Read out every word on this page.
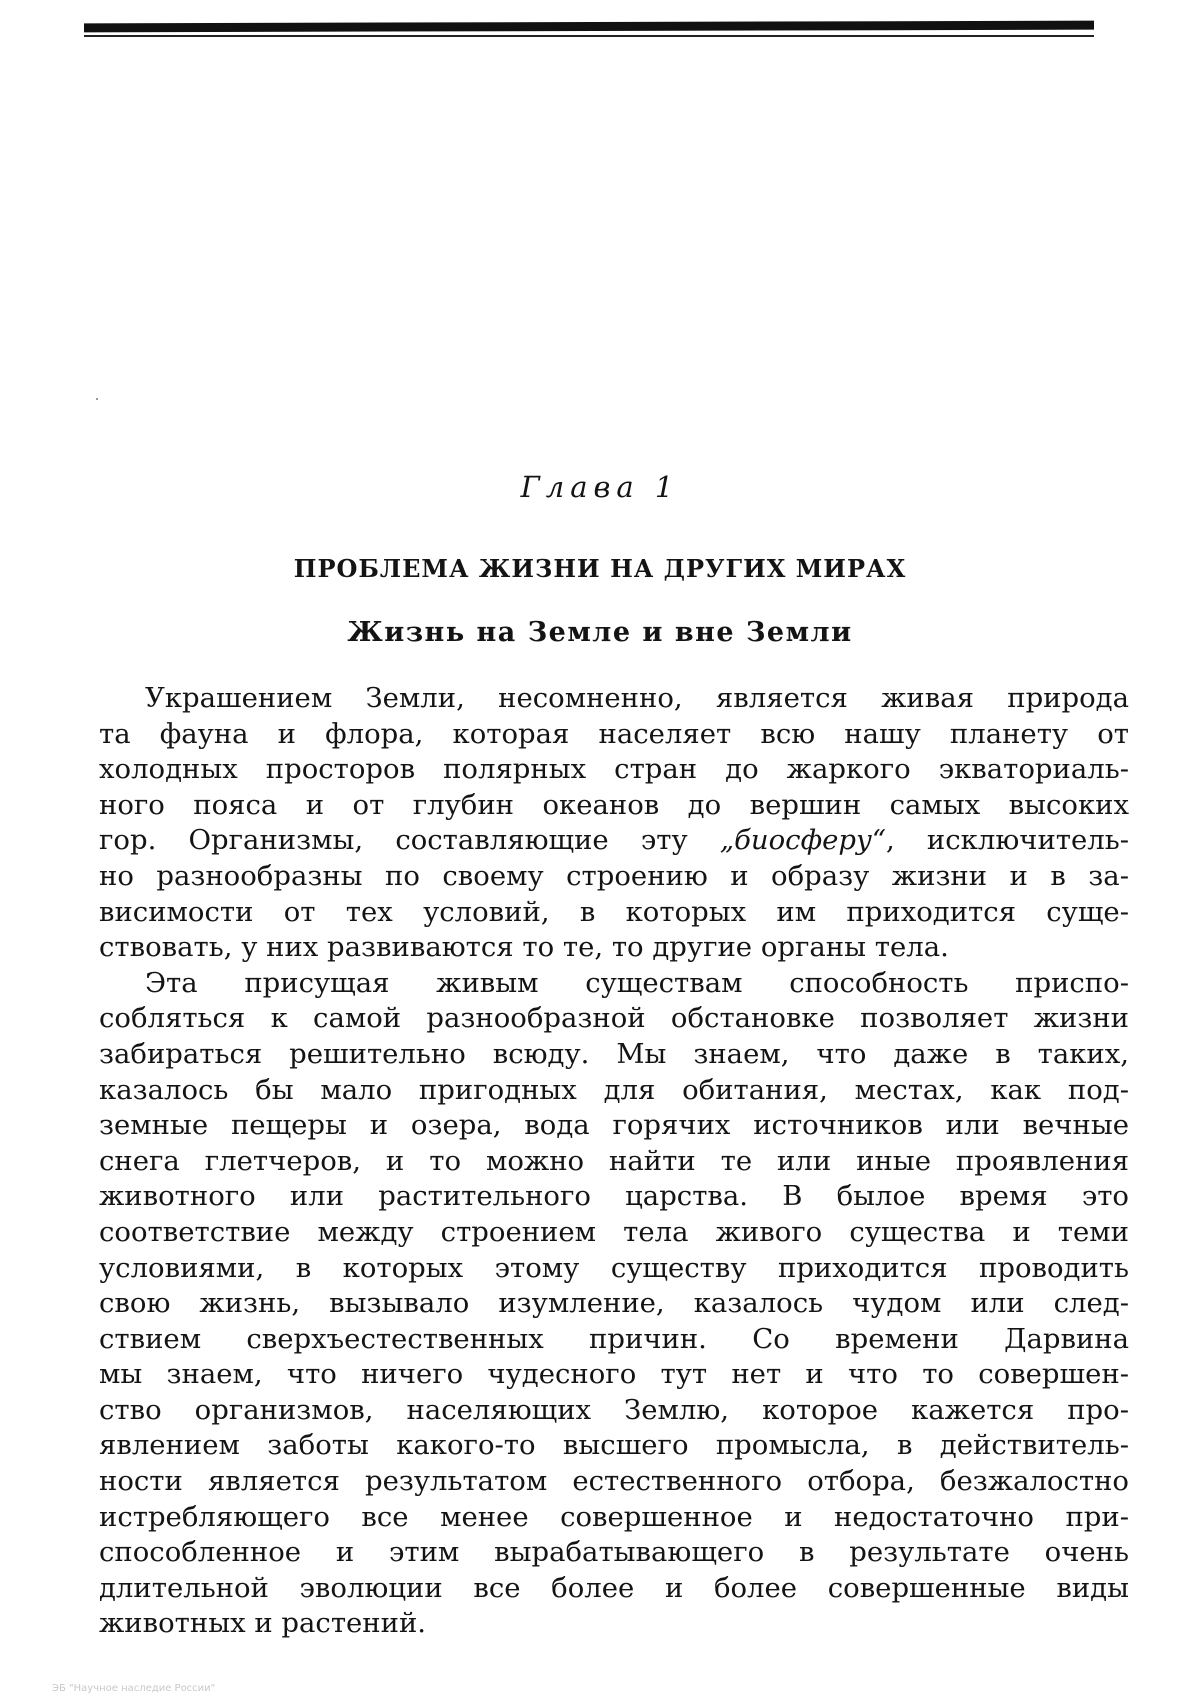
Глава 1
ПРОБЛЕМА ЖИЗНИ НА ДРУГИХ МИРАХ
Жизнь на Земле и вне Земли
Украшением Земли, несомненно, является живая природа
та фауна и флора, которая населяет всю нашу планету от
холодных просторов полярных стран до жаркого экваториаль-
ного пояса и от глубин океанов до вершин самых высоких
гор. Организмы, составляющие эту „биосферу“, исключитель-
но разнообразны по своему строению и образу жизни и в за-
висимости от тех условий, в которых им приходится суще-
ствовать, у них развиваются то те, то другие органы тела.
Эта присущая живым существам способность приспо-
собляться к самой разнообразной обстановке позволяет жизни
забираться решительно всюду. Мы знаем, что даже в таких,
казалось бы мало пригодных для обитания, местах, как под-
земные пещеры и озера, вода горячих источников или вечные
снега глетчеров, и то можно найти те или иные проявления
животного или растительного царства. В былое время это
соответствие между строением тела живого существа и теми
условиями, в которых этому существу приходится проводить
свою жизнь, вызывало изумление, казалось чудом или след-
ствием сверхъестественных причин. Со времени Дарвина
мы знаем, что ничего чудесного тут нет и что то совершен-
ство организмов, населяющих Землю, которое кажется про-
явлением заботы какого-то высшего промысла, в действитель-
ности является результатом естественного отбора, безжалостно
истребляющего все менее совершенное и недостаточно при-
способленное и этим вырабатывающего в результате очень
длительной эволюции все более и более совершенные виды
животных и растений.
ЭБ "Научное наследие России"
